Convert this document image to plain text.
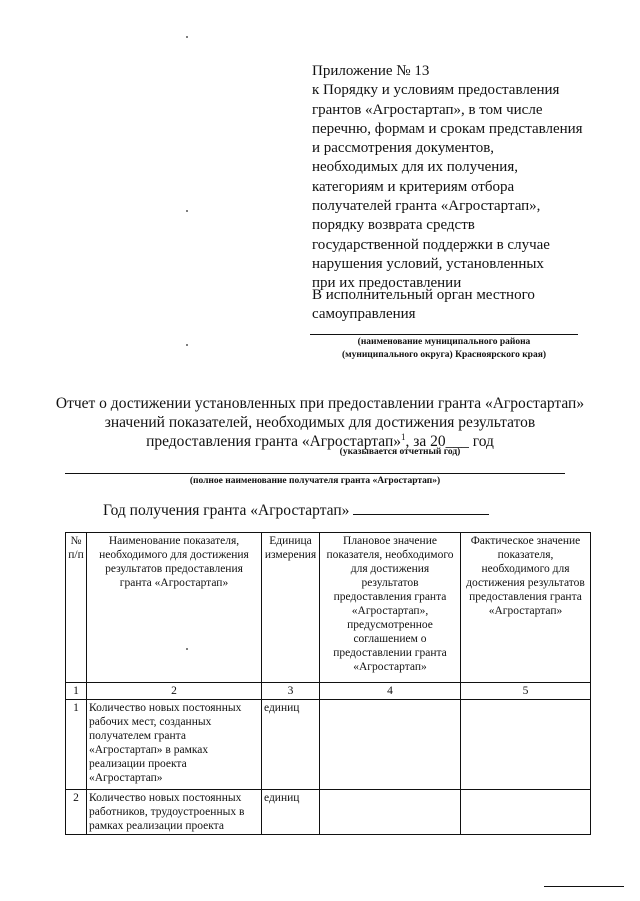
Приложение № 13
к Порядку и условиям предоставления
грантов «Агростартап», в том числе
перечню, формам и срокам представления
и рассмотрения документов,
необходимых для их получения,
категориям и критериям отбора
получателей гранта «Агростартап»,
порядку возврата средств
государственной поддержки в случае
нарушения условий, установленных
при их предоставлении
В исполнительный орган местного
самоуправления
(наименование муниципального района
(муниципального округа) Красноярского края)
Отчет о достижении установленных при предоставлении гранта «Агростартап»
значений показателей, необходимых для достижения результатов
предоставления гранта «Агростартап»$^1$, за 20___ год
(указывается отчетный год)
(полное наименование получателя гранта «Агростартап»)
Год получения гранта «Агростартап»
№ п/п	Наименование показателя, необходимого для достижения результатов предоставления гранта «Агростартап»	Единица измерения	Плановое значение показателя, необходимого для достижения результатов предоставления гранта «Агростартап», предусмотренное соглашением о предоставлении гранта «Агростартап»	Фактическое значение показателя, необходимого для достижения результатов предоставления гранта «Агростартап»
1	2	3	4	5
1	Количество новых постоянных рабочих мест, созданных получателем гранта «Агростартап» в рамках реализации проекта «Агростартап»	единиц		
2	Количество новых постоянных работников, трудоустроенных в рамках реализации проекта	единиц		
